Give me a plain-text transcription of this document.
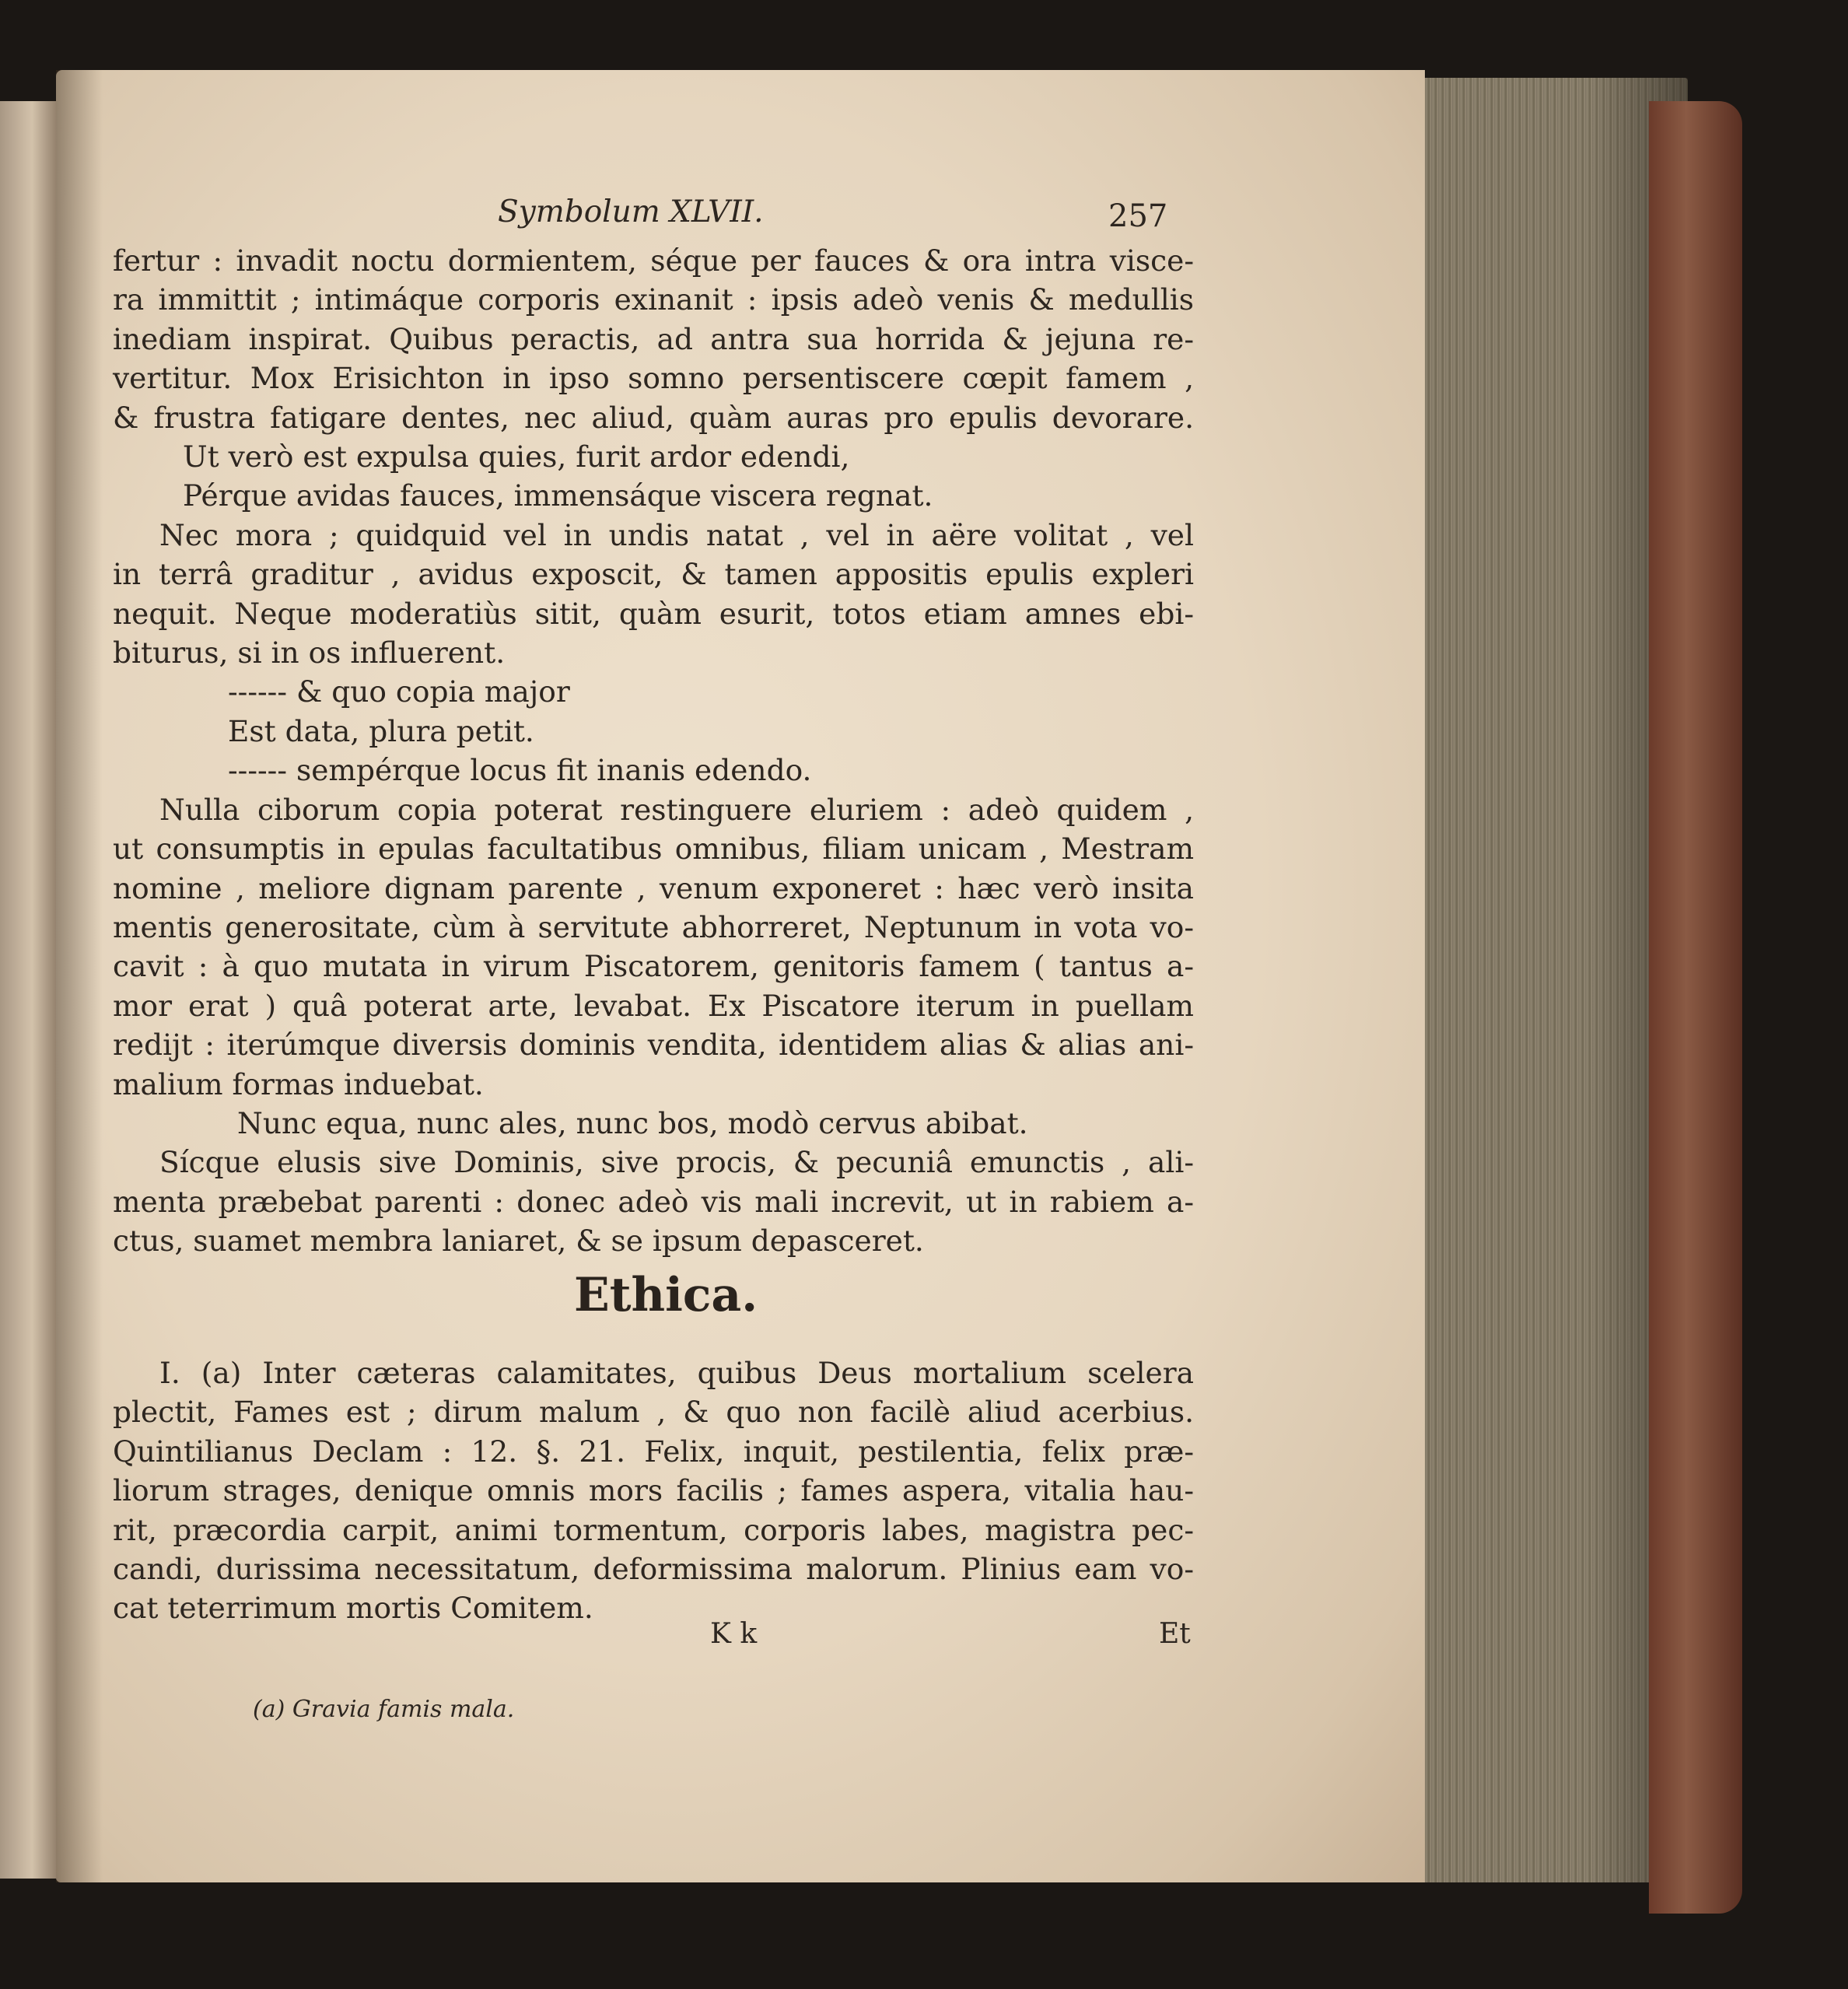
Symbolum XLVII.	257
fertur : invadit noctu dormientem, séque per fauces & ora intra visce-
ra immittit ; intimáque corporis exinanit : ipsis adeò venis & medullis
inediam inspirat. Quibus peractis, ad antra sua horrida & jejuna re-
vertitur. Mox Erisichton in ipso somno persentiscere cœpit famem ,
& frustra fatigare dentes, nec aliud, quàm auras pro epulis devorare.
Ut verò est expulsa quies, furit ardor edendi,
Pérque avidas fauces, immensáque viscera regnat.
Nec mora ; quidquid vel in undis natat , vel in aëre volitat , vel
in terrâ graditur , avidus exposcit, & tamen appositis epulis expleri
nequit. Neque moderatiùs sitit, quàm esurit, totos etiam amnes ebi-
biturus, si in os influerent.
------ & quo copia major
Est data, plura petit.
------ sempérque locus fit inanis edendo.
Nulla ciborum copia poterat restinguere eluriem : adeò quidem ,
ut consumptis in epulas facultatibus omnibus, filiam unicam , Mestram
nomine , meliore dignam parente , venum exponeret : hæc verò insita
mentis generositate, cùm à servitute abhorreret, Neptunum in vota vo-
cavit : à quo mutata in virum Piscatorem, genitoris famem ( tantus a-
mor erat ) quâ poterat arte, levabat. Ex Piscatore iterum in puellam
redijt : iterúmque diversis dominis vendita, identidem alias & alias ani-
malium formas induebat.
Nunc equa, nunc ales, nunc bos, modò cervus abibat.
Sícque elusis sive Dominis, sive procis, & pecuniâ emunctis , ali-
menta præbebat parenti : donec adeò vis mali increvit, ut in rabiem a-
ctus, suamet membra laniaret, & se ipsum depasceret.
Ethica.
I. (a) Inter cæteras calamitates, quibus Deus mortalium scelera
plectit, Fames est ; dirum malum , & quo non facilè aliud acerbius.
Quintilianus Declam : 12. §. 21. Felix, inquit, pestilentia, felix præ-
liorum strages, denique omnis mors facilis ; fames aspera, vitalia hau-
rit, præcordia carpit, animi tormentum, corporis labes, magistra pec-
candi, durissima necessitatum, deformissima malorum. Plinius eam vo-
cat teterrimum mortis Comitem.
K k	Et
(a) Gravia famis mala.
